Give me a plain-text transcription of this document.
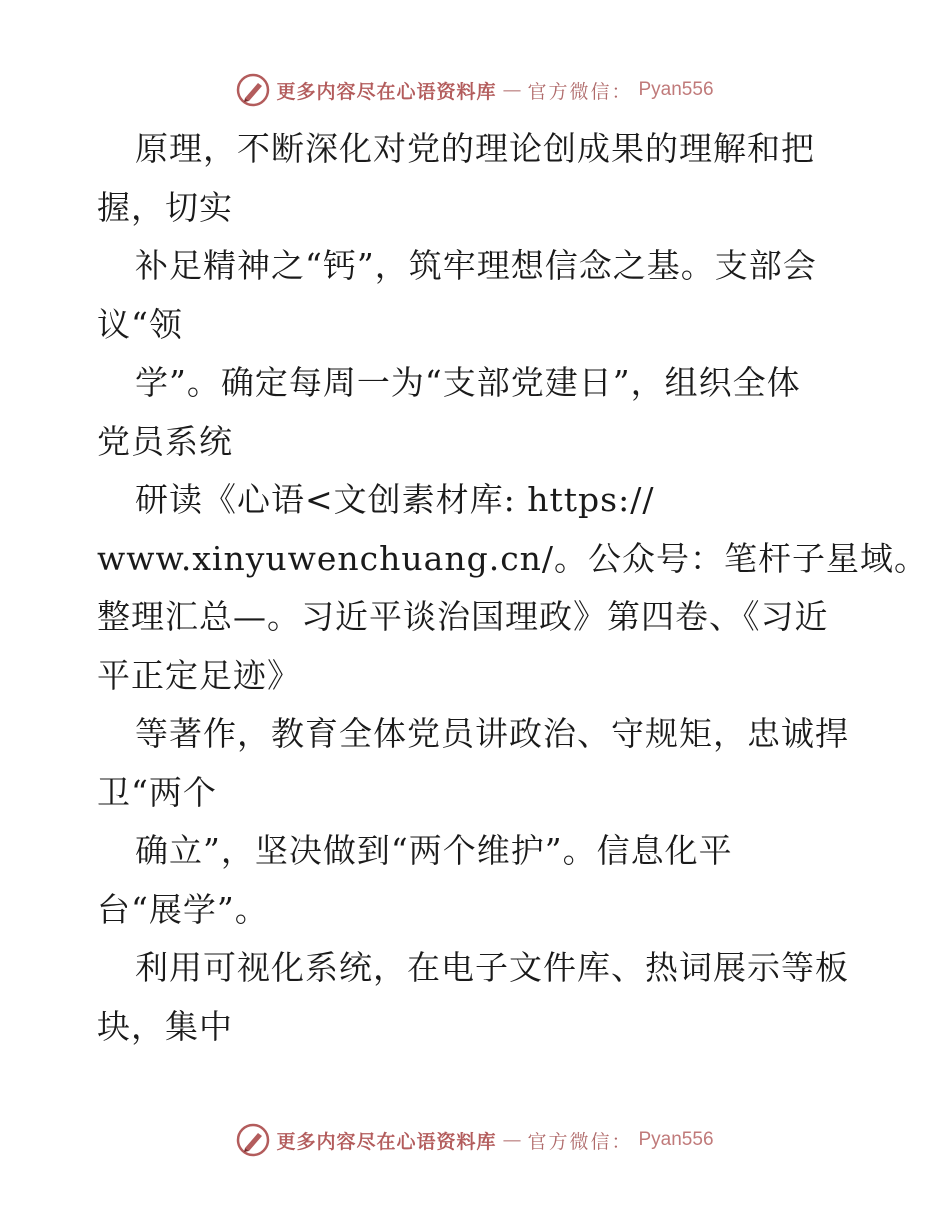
更多内容尽在心语资料库 — 官方微信： Pyan556
原理，不断深化对党的理论创成果的理解和把
握，切实
补足精神之“钙”，筑牢理想信念之基。支部会
议“领
学”。确定每周一为“支部党建日”，组织全体
党员系统
研读《心语<文创素材库: https://
www.xinyuwenchuang.cn/。公众号：笔杆子星域。
整理汇总—。习近平谈治国理政》第四卷、《习近
平正定足迹》
等著作，教育全体党员讲政治、守规矩，忠诚捍
卫“两个
确立”，坚决做到“两个维护”。信息化平
台“展学”。
利用可视化系统，在电子文件库、热词展示等板
块，集中
更多内容尽在心语资料库 — 官方微信： Pyan556
